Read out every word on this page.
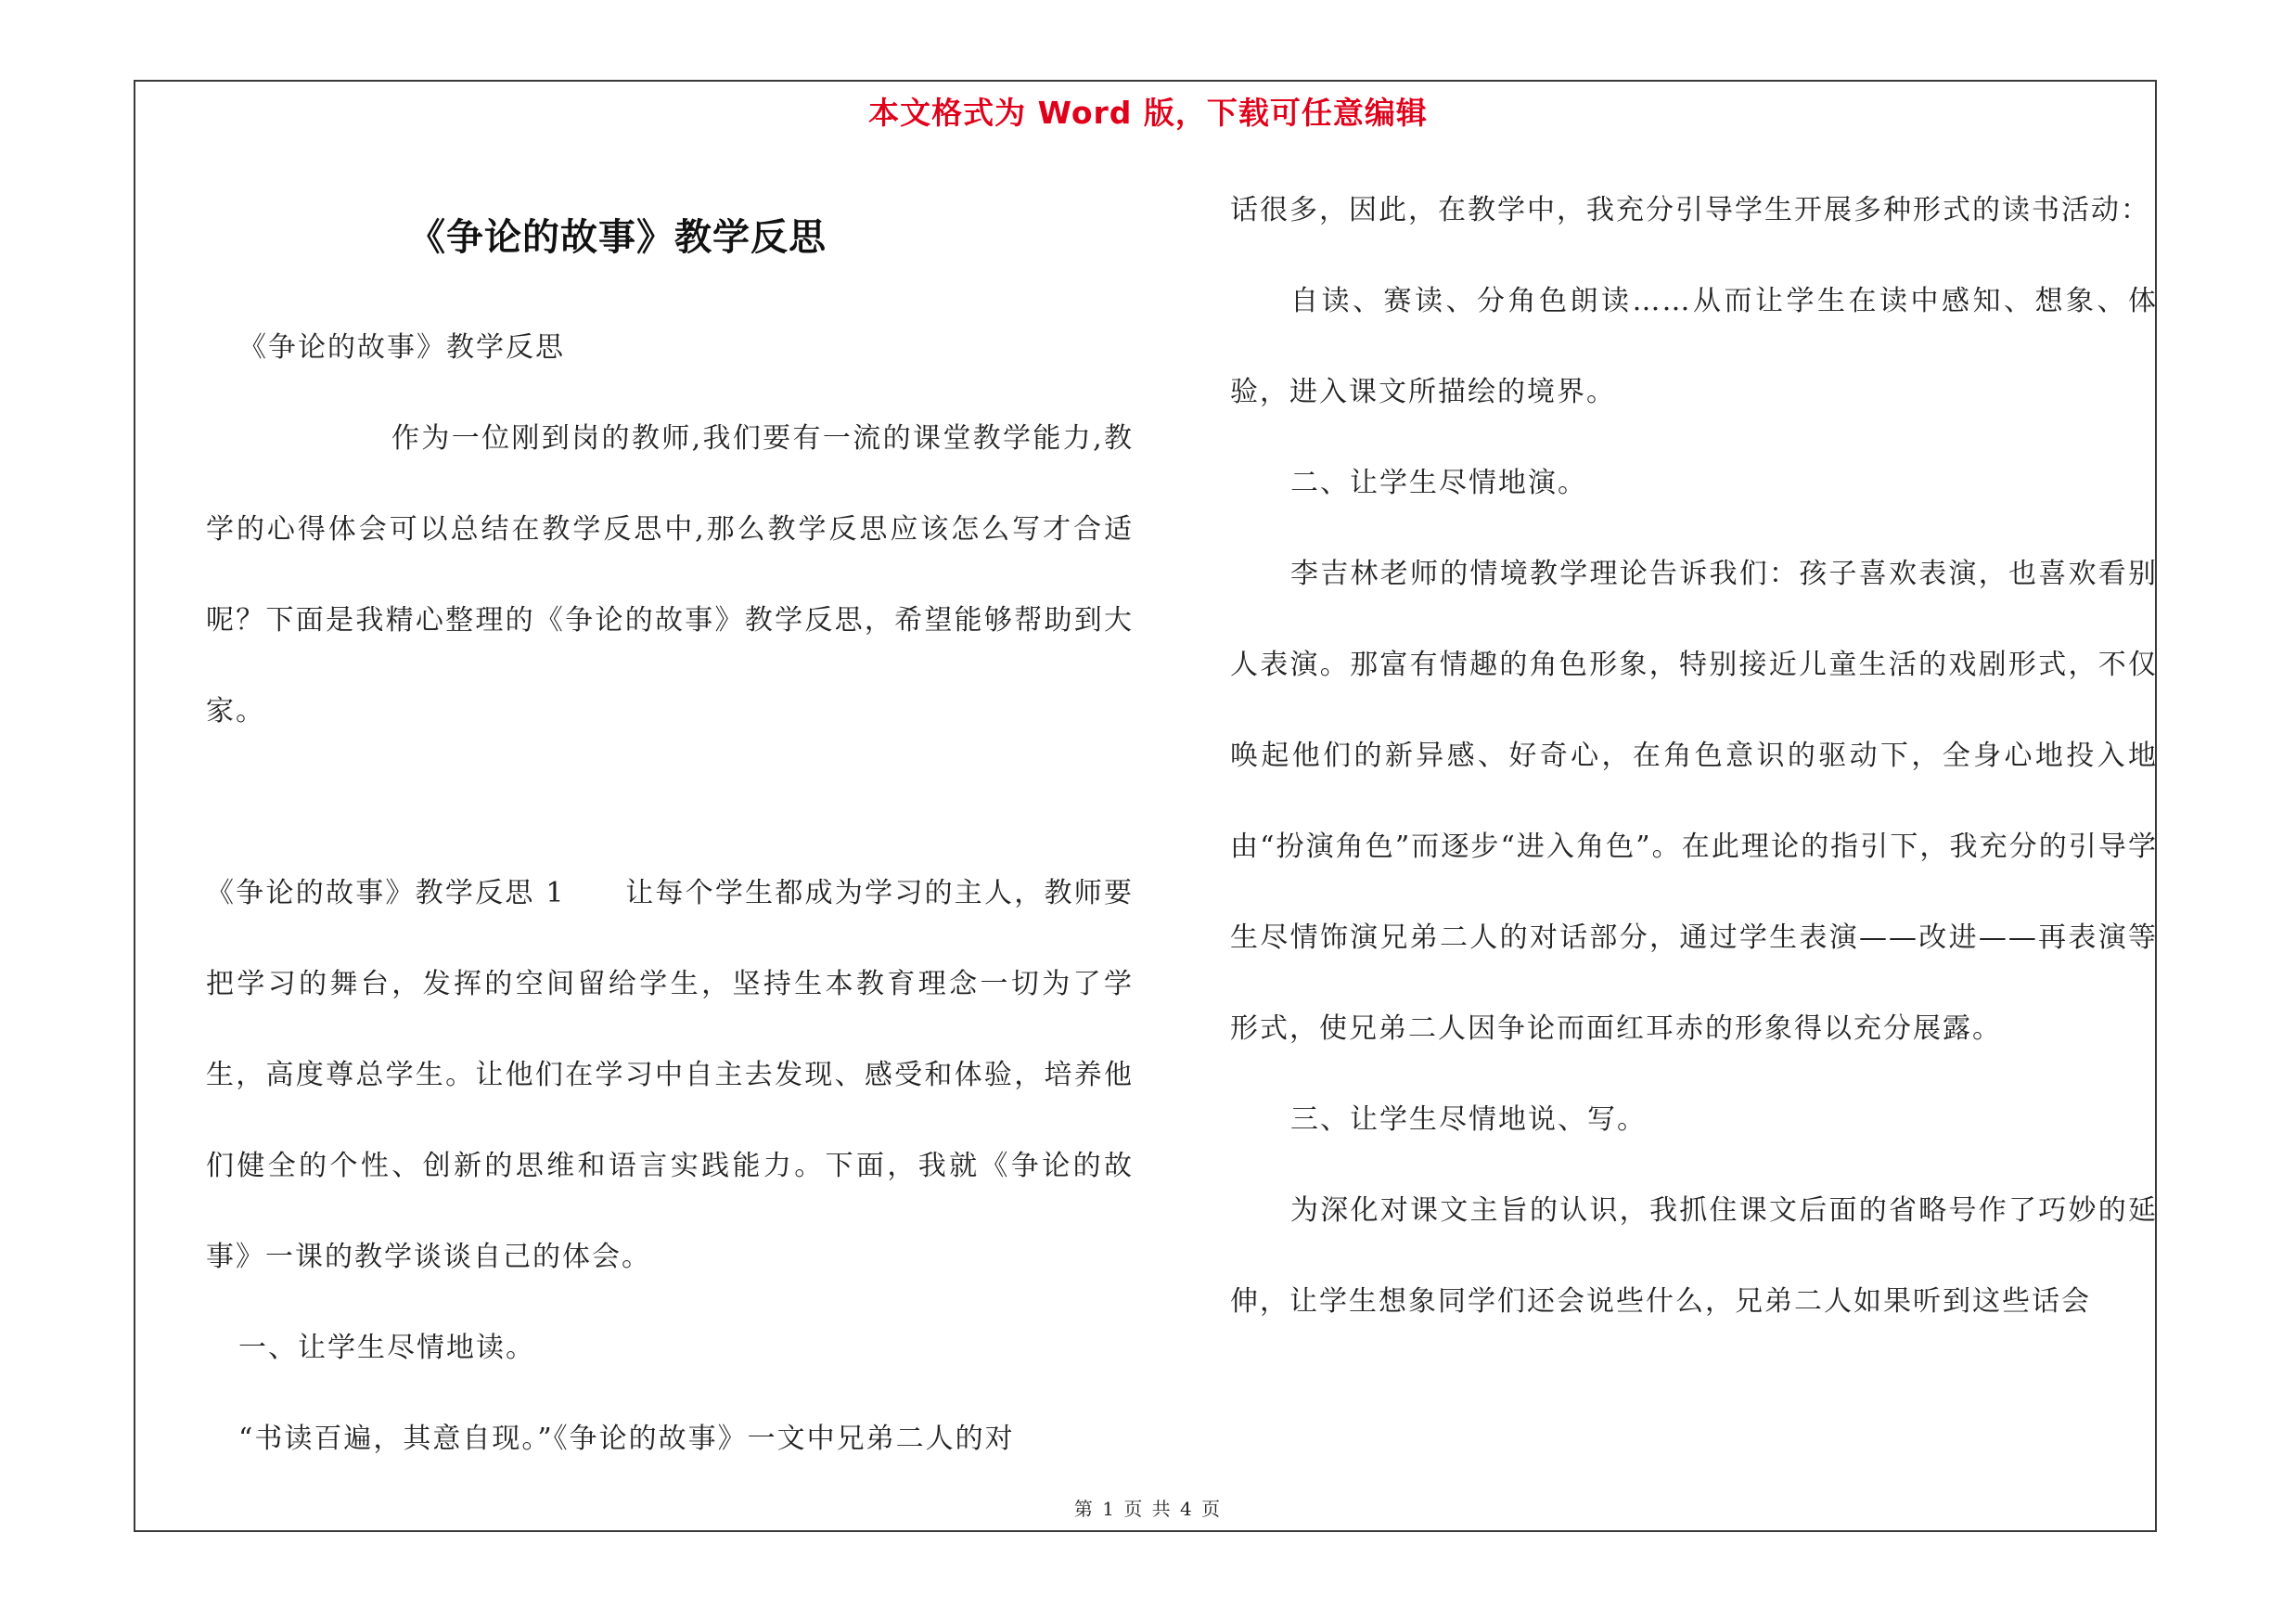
本文格式为 Word 版，下载可任意编辑
《争论的故事》教学反思

《争论的故事》教学反思

作为一位刚到岗的教师,我们要有一流的课堂教学能力,教学的心得体会可以总结在教学反思中,那么教学反思应该怎么写才合适呢？下面是我精心整理的《争论的故事》教学反思，希望能够帮助到大家。

《争论的故事》教学反思 1　　让每个学生都成为学习的主人，教师要把学习的舞台，发挥的空间留给学生，坚持生本教育理念一切为了学生，高度尊总学生。让他们在学习中自主去发现、感受和体验，培养他们健全的个性、创新的思维和语言实践能力。下面，我就《争论的故事》一课的教学谈谈自己的体会。

一、让学生尽情地读。

“书读百遍，其意自现。”《争论的故事》一文中兄弟二人的对

话很多，因此，在教学中，我充分引导学生开展多种形式的读书活动：

自读、赛读、分角色朗读……从而让学生在读中感知、想象、体验，进入课文所描绘的境界。

二、让学生尽情地演。

李吉林老师的情境教学理论告诉我们：孩子喜欢表演，也喜欢看别人表演。那富有情趣的角色形象，特别接近儿童生活的戏剧形式，不仅唤起他们的新异感、好奇心，在角色意识的驱动下，全身心地投入地由“扮演角色”而逐步“进入角色”。在此理论的指引下，我充分的引导学生尽情饰演兄弟二人的对话部分，通过学生表演——改进——再表演等形式，使兄弟二人因争论而面红耳赤的形象得以充分展露。

三、让学生尽情地说、写。

为深化对课文主旨的认识，我抓住课文后面的省略号作了巧妙的延伸，让学生想象同学们还会说些什么，兄弟二人如果听到这些话会

第 1 页 共 4 页
